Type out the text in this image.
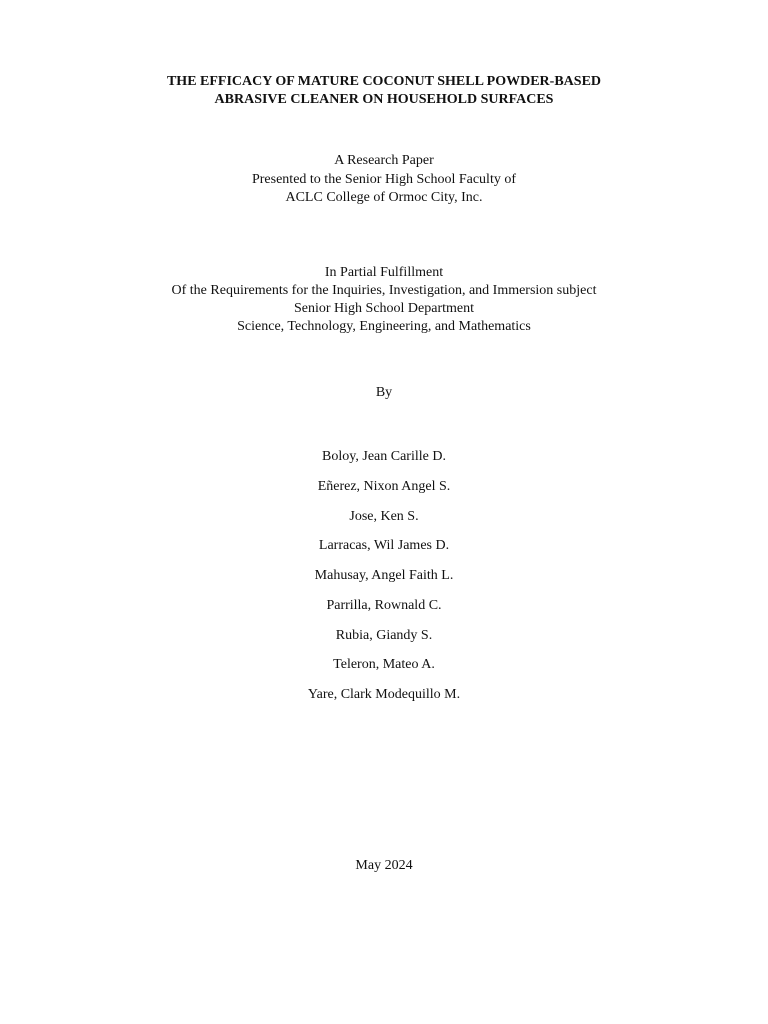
THE EFFICACY OF MATURE COCONUT SHELL POWDER-BASED
ABRASIVE CLEANER ON HOUSEHOLD SURFACES
A Research Paper
Presented to the Senior High School Faculty of
ACLC College of Ormoc City, Inc.
In Partial Fulfillment
Of the Requirements for the Inquiries, Investigation, and Immersion subject
Senior High School Department
Science, Technology, Engineering, and Mathematics
By
Boloy, Jean Carille D.
Eñerez, Nixon Angel S.
Jose, Ken S.
Larracas, Wil James D.
Mahusay, Angel Faith L.
Parrilla, Rownald C.
Rubia, Giandy S.
Teleron, Mateo A.
Yare, Clark Modequillo M.
May 2024
